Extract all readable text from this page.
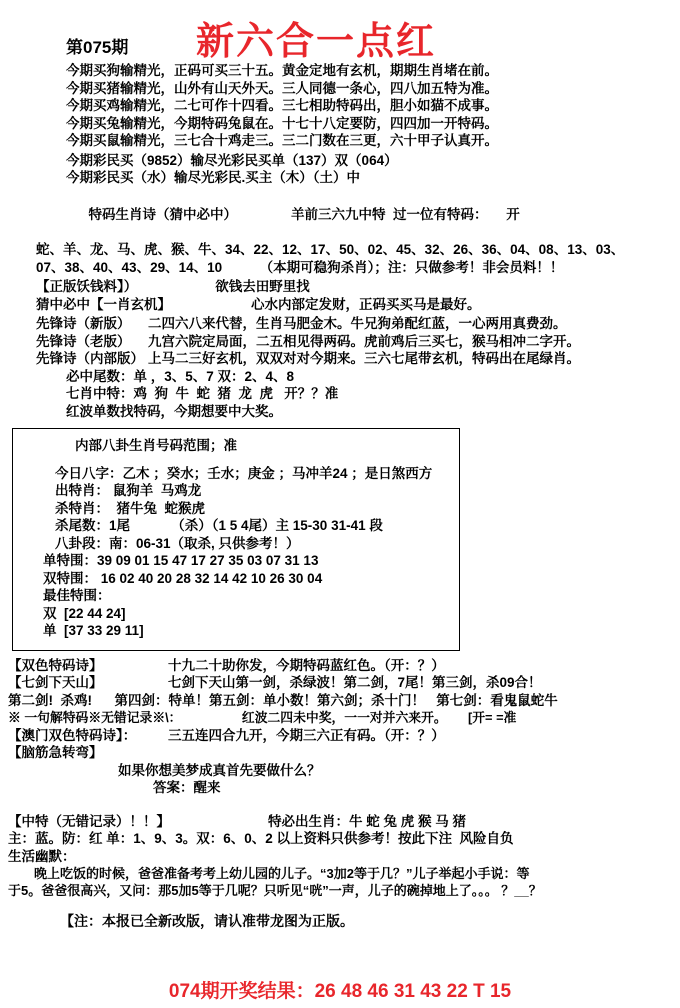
第075期 新六合一点红
今期买狗输精光，正码可买三十五。黄金定地有玄机，期期生肖堵在前。
今期买猪输精光，山外有山天外天。三人同德一条心，四八加五特为准。
今期买鸡输精光，二七可作十四看。三七相助特码出，胆小如猫不成事。
今期买兔输精光，今期特码兔鼠在。十七十八定要防，四四加一开特码。
今期买鼠输精光，三七合十鸡走三。三二门数在三更，六十甲子认真开。
今期彩民买（9852）输尽光彩民买单（137）双（064）
今期彩民买（水）输尽光彩民.买主（木）（土）中

特码生肖诗（猜中必中）	羊前三六九中特  过一位有特码：     开

蛇、羊、龙、马、虎、猴、牛、34、22、12、17、50、02、45、32、26、36、04、08、13、03、
07、38、40、43、29、14、10          （本期可稳狗杀肖）；注：只做参考！非会员料！！
【正版饫钱料】）	欲钱去田野里找
猜中必中【一肖玄机】	心水内部定发财，正码买买马是最好。
先锋诗（新版） 二四六八来代替，生肖马肥金木。牛兄狗弟配红蓝，一心两用真费劲。
先锋诗（老版） 九宫六院定局面，二五相见得两码。虎前鸡后三买七，猴马相冲二字开。
先锋诗（内部版） 上马二三好玄机，双双对对今期来。三六七尾带玄机，特码出在尾绿肖。
必中尾数：单 ，3、5、7 双：2、4、8
七肖中特：鸡  狗  牛  蛇  猪  龙  虎   开？？准
红波单数找特码，今期想要中大奖。
内部八卦生肖号码范围；准
今日八字：乙木 ；癸水；壬水；庚金 ；马冲羊24 ；是日煞西方
出特肖： 鼠狗羊  马鸡龙
杀特肖：  猪牛兔  蛇猴虎
杀尾数：1尾           （杀）（1 5 4尾）主 15-30 31-41 段
八卦段：南：06-31（取杀, 只供参考！）
单特围：39 09 01 15 47 17 27 35 03 07 31 13
双特围： 16 02 40 20 28 32 14 42 10 26 30 04
最佳特围：
双  [22 44 24]
单  [37 33 29 11]
【双色特码诗】	十九二十助你发，今期特码蓝红色。（开：？）
【七剑下天山】	七剑下天山第一剑，杀绿波！第二剑，7尾！第三剑，杀09合！
第二剑!  杀鸡!      第四剑：特单！第五剑：单小数！第六剑；杀十门！   第七剑：看鬼鼠蛇牛
※ 一句解特码※无错记录※\：                 红波二四未中奖，一一对并六来开。      [开= =准
【澳门双色特码诗】： 三五连四合九开，今期三六正有码。（开：？）
【脑筋急转弯】
如果你想美梦成真首先要做什么？
答案：醒来
【中特（无错记录）！！】	特必出生肖：牛 蛇 兔 虎 猴 马 猪
主：蓝。防：红 单：1、9、3。双：6、0、2 以上资料只供参考！按此下注  风险自负
生活幽默：
晚上吃饭的时候，爸爸准备考考上幼儿园的儿子。“3加2等于几？”儿子举起小手说：等
于5。爸爸很高兴，又问：那5加5等于几呢？只听见“咣”一声，儿子的碗掉地上了。。。 ？__？
【注：本报已全新改版，请认准带龙图为正版。
074期开奖结果：26 48 46 31 43 22 T 15
